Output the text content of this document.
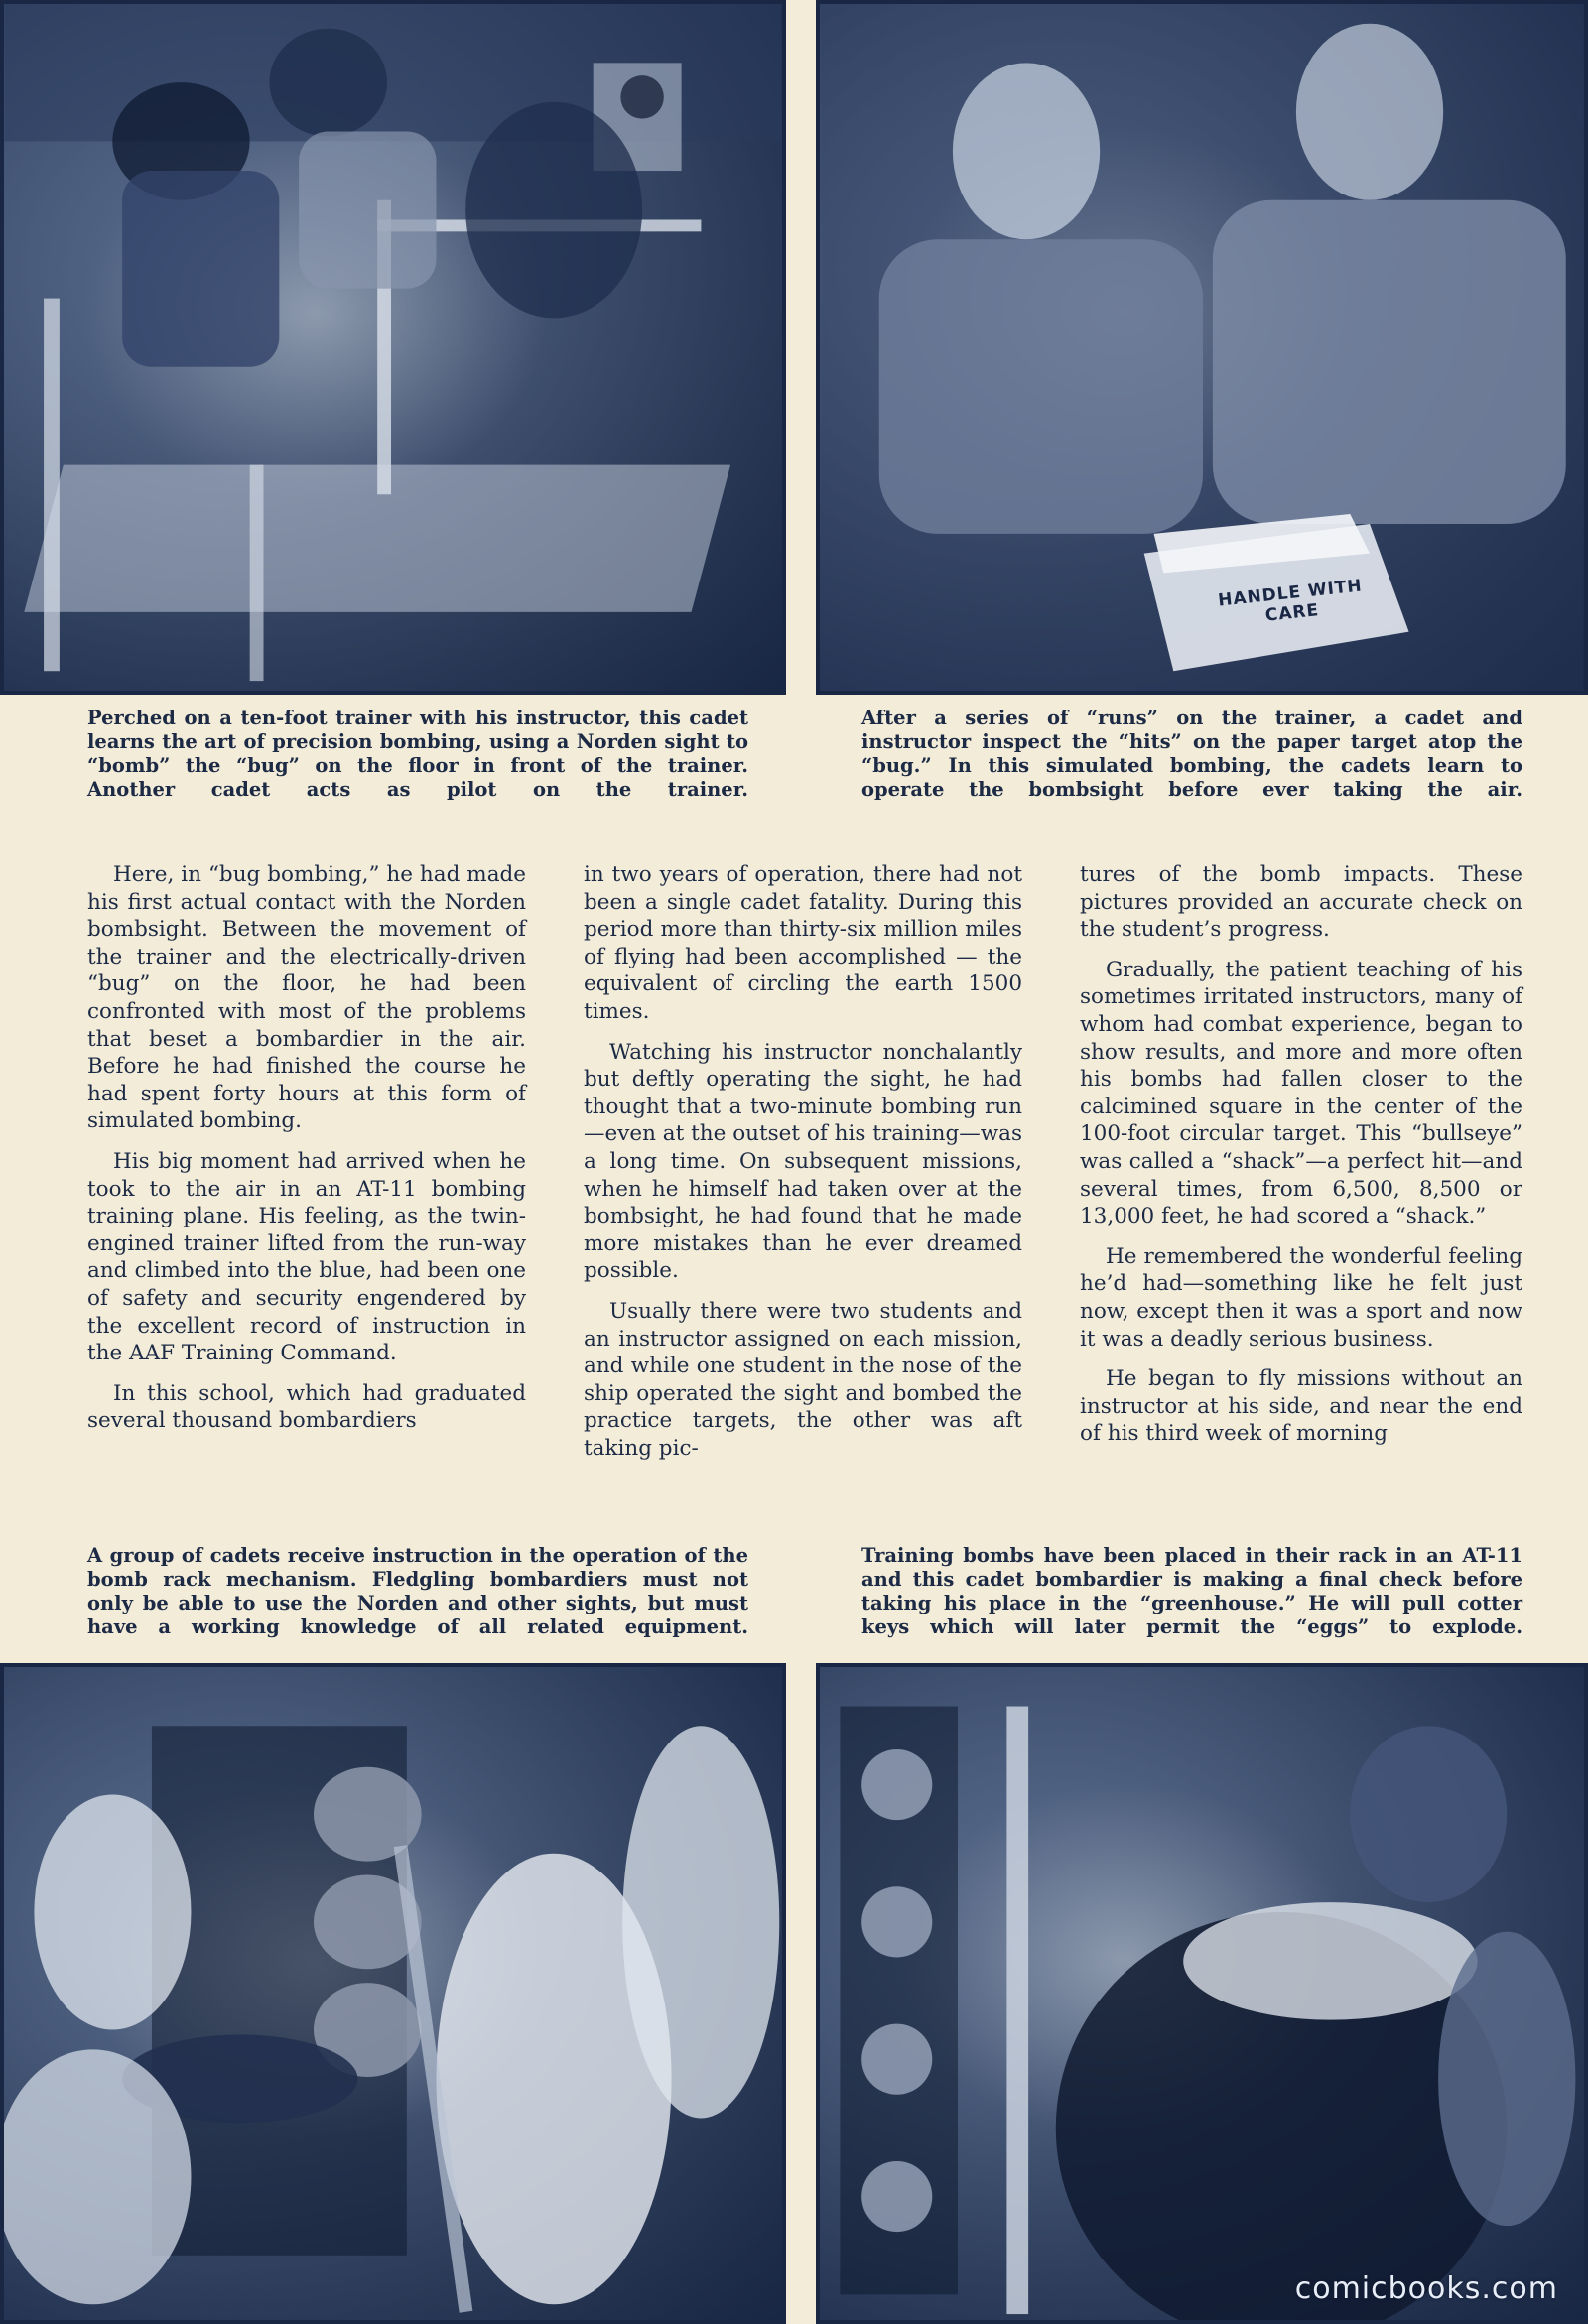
HANDLE WITH CARE

Perched on a ten-foot trainer with his instructor, this cadet learns the art of precision bombing, using a Norden sight to “bomb” the “bug” on the floor in front of the trainer. Another cadet acts as pilot on the trainer.

After a series of “runs” on the trainer, a cadet and instructor inspect the “hits” on the paper target atop the “bug.” In this simulated bombing, the cadets learn to operate the bombsight before ever taking the air.

Here, in “bug bombing,” he had made his first actual contact with the Norden bombsight. Between the movement of the trainer and the electrically-driven “bug” on the floor, he had been confronted with most of the problems that beset a bombardier in the air. Before he had finished the course he had spent forty hours at this form of simulated bombing.

His big moment had arrived when he took to the air in an AT-11 bombing training plane. His feeling, as the twin-engined trainer lifted from the run-way and climbed into the blue, had been one of safety and security engendered by the excellent record of instruction in the AAF Training Command.

In this school, which had graduated several thousand bombardiers

in two years of operation, there had not been a single cadet fatality. During this period more than thirty-six million miles of flying had been accomplished — the equivalent of circling the earth 1500 times.

Watching his instructor nonchalantly but deftly operating the sight, he had thought that a two-minute bombing run—even at the outset of his training—was a long time. On subsequent missions, when he himself had taken over at the bombsight, he had found that he made more mistakes than he ever dreamed possible.

Usually there were two students and an instructor assigned on each mission, and while one student in the nose of the ship operated the sight and bombed the practice targets, the other was aft taking pic-

tures of the bomb impacts. These pictures provided an accurate check on the student’s progress.

Gradually, the patient teaching of his sometimes irritated instructors, many of whom had combat experience, began to show results, and more and more often his bombs had fallen closer to the calcimined square in the center of the 100-foot circular target. This “bullseye” was called a “shack”—a perfect hit—and several times, from 6,500, 8,500 or 13,000 feet, he had scored a “shack.”

He remembered the wonderful feeling he’d had—something like he felt just now, except then it was a sport and now it was a deadly serious business.

He began to fly missions without an instructor at his side, and near the end of his third week of morning

A group of cadets receive instruction in the operation of the bomb rack mechanism. Fledgling bombardiers must not only be able to use the Norden and other sights, but must have a working knowledge of all related equipment.

Training bombs have been placed in their rack in an AT-11 and this cadet bombardier is making a final check before taking his place in the “greenhouse.” He will pull cotter keys which will later permit the “eggs” to explode.

comicbooks.com
